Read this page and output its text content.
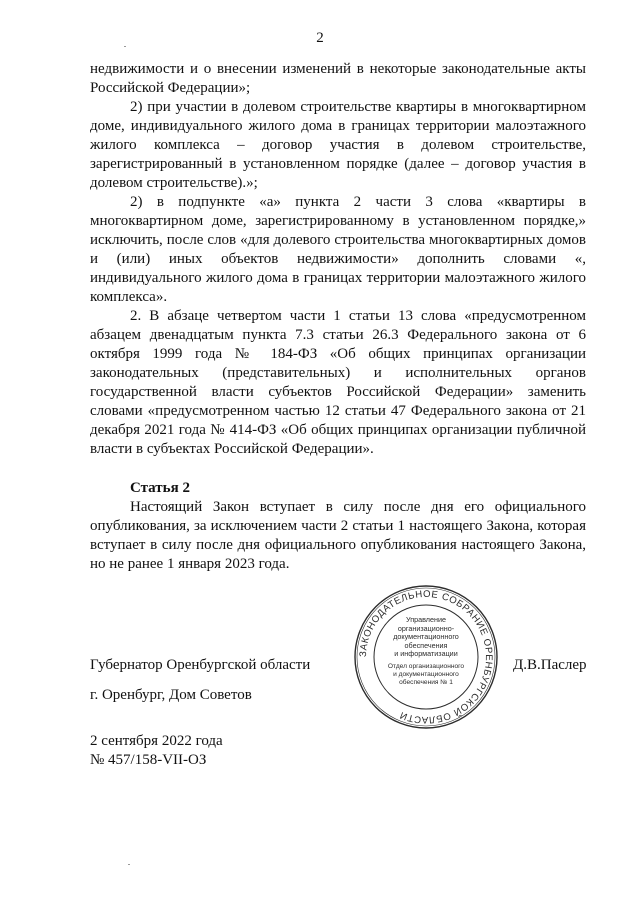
2

недвижимости и о внесении изменений в некоторые законодательные акты Российской Федерации»;

2) при участии в долевом строительстве квартиры в многоквартирном доме, индивидуального жилого дома в границах территории малоэтажного жилого комплекса – договор участия в долевом строительстве, зарегистрированный в установленном порядке (далее – договор участия в долевом строительстве).»;

2) в подпункте «а» пункта 2 части 3 слова «квартиры в многоквартирном доме, зарегистрированному в установленном порядке,» исключить, после слов «для долевого строительства многоквартирных домов и (или) иных объектов недвижимости» дополнить словами «, индивидуального жилого дома в границах территории малоэтажного жилого комплекса».

2. В абзаце четвертом части 1 статьи 13 слова «предусмотренном абзацем двенадцатым пункта 7.3 статьи 26.3 Федерального закона от 6 октября 1999 года № 184-ФЗ «Об общих принципах организации законодательных (представительных) и исполнительных органов государственной власти субъектов Российской Федерации» заменить словами «предусмотренном частью 12 статьи 47 Федерального закона от 21 декабря 2021 года № 414-ФЗ «Об общих принципах организации публичной власти в субъектах Российской Федерации».

Статья 2

Настоящий Закон вступает в силу после дня его официального опубликования, за исключением части 2 статьи 1 настоящего Закона, которая вступает в силу после дня официального опубликования настоящего Закона, но не ранее 1 января 2023 года.

ЗАКОНОДАТЕЛЬНОЕ СОБРАНИЕ ОРЕНБУРГСКОЙ ОБЛАСТИ
Управление
организационно-
документационного
обеспечения
и информатизации
Отдел организационного
и документационного
обеспечения № 1
Губернатор Оренбургской области	Д.В.Паслер
г. Оренбург, Дом Советов
2 сентября 2022 года
№ 457/158-VII-ОЗ
